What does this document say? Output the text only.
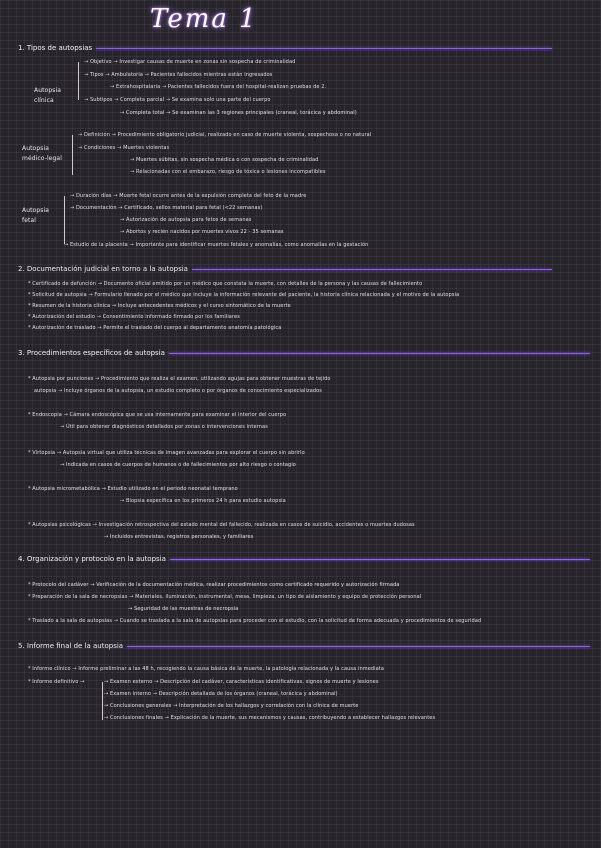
Tema 1
1. Tipos de autopsias
Autopsia clínica
→ Objetivo → Investigar causas de muerte en zonas sin sospecha de criminalidad
→ Tipos → Ambulatoria → Pacientes fallecidos mientras están ingresados
→ Extrahospitalaria → Pacientes fallecidos fuera del hospital-realizan pruebas de 2.
→ Subtipos → Completa parcial → Se examina solo una parte del cuerpo
→ Completa total → Se examinan las 3 regiones principales (craneal, torácica y abdominal)
Autopsia médico-legal
→ Definición → Procedimiento obligatorio judicial, realizado en caso de muerte violenta, sospechosa o no natural
→ Condiciones → Muertes violentas
→ Muertes súbitas, sin sospecha médica o con sospecha de criminalidad
→ Relacionadas con el embarazo, riesgo de tóxica o lesiones incompatibles
Autopsia fetal
→ Duración días → Muerte fetal ocurre antes de la expulsión completa del feto de la madre
→ Documentación → Certificado, sellos material para fetal (<22 semanas)
→ Autorización de autopsia para fetos de semanas
→ Abortos y recién nacidos por muertes vivos 22 - 35 semanas
→ Estudio de la placenta → Importante para identificar muertes fetales y anomalías, como anomalías en la gestación
2. Documentación judicial en torno a la autopsia
* Certificado de defunción → Documento oficial emitido por un médico que constata la muerte, con detalles de la persona y las causas de fallecimiento
* Solicitud de autopsia → Formulario llenado por el médico que incluye la información relevante del paciente, la historia clínica relacionada y el motivo de la autopsia
* Resumen de la historia clínica → Incluye antecedentes médicos y el curso sintomático de la muerte
* Autorización del estudio → Consentimiento informado firmado por los familiares
* Autorización de traslado → Permite el traslado del cuerpo al departamento anatomía patológica
3. Procedimientos específicos de autopsia
* Autopsia por punciones → Procedimiento que realiza el examen, utilizando agujas para obtener muestras de tejido
autopsia → Incluye órganos de la autopsia, un estudio completo o por órganos de conocimiento especializados
* Endoscopia → Cámara endoscópica que se usa internamente para examinar el interior del cuerpo
→ Útil para obtener diagnósticos detallados por zonas o intervenciones internas
* Virtopsia → Autopsia virtual que utiliza técnicas de imagen avanzadas para explorar el cuerpo sin abrirlo
→ Indicada en casos de cuerpos de humanos o de fallecimientos por alto riesgo o contagio
* Autopsia micrometabólica → Estudio utilizado en el periodo neonatal temprano
→ Biopsia específica en los primeros 24 h para estudio autopsia
* Autopsias psicológicas → Investigación retrospectiva del estado mental del fallecido, realizada en casos de suicidio, accidentes o muertes dudosas
→ Incluidos entrevistas, registros personales, y familiares
4. Organización y protocolo en la autopsia
* Protocolo del cadáver → Verificación de la documentación médica, realizar procedimientos como certificado requerido y autorización firmada
* Preparación de la sala de necropsias → Materiales, iluminación, instrumental, mesa, limpieza, un tipo de aislamiento y equipo de protección personal
→ Seguridad de las muestras de necropsia
* Traslado a la sala de autopsias → Cuando se traslada a la sala de autopsias para proceder con el estudio, con la solicitud de forma adecuada y procedimientos de seguridad
5. Informe final de la autopsia
* Informe clínico → Informe preliminar a las 48 h, recogiendo la causa básica de la muerte, la patología relacionada y la causa inmediata
* Informe definitivo →	→ Examen externo → Descripción del cadáver, características identificativas, signos de muerte y lesiones
→ Examen interno → Descripción detallada de los órganos (craneal, torácica y abdominal)
→ Conclusiones generales → Interpretación de los hallazgos y correlación con la clínica de muerte
→ Conclusiones finales → Explicación de la muerte, sus mecanismos y causas, contribuyendo a establecer hallazgos relevantes
